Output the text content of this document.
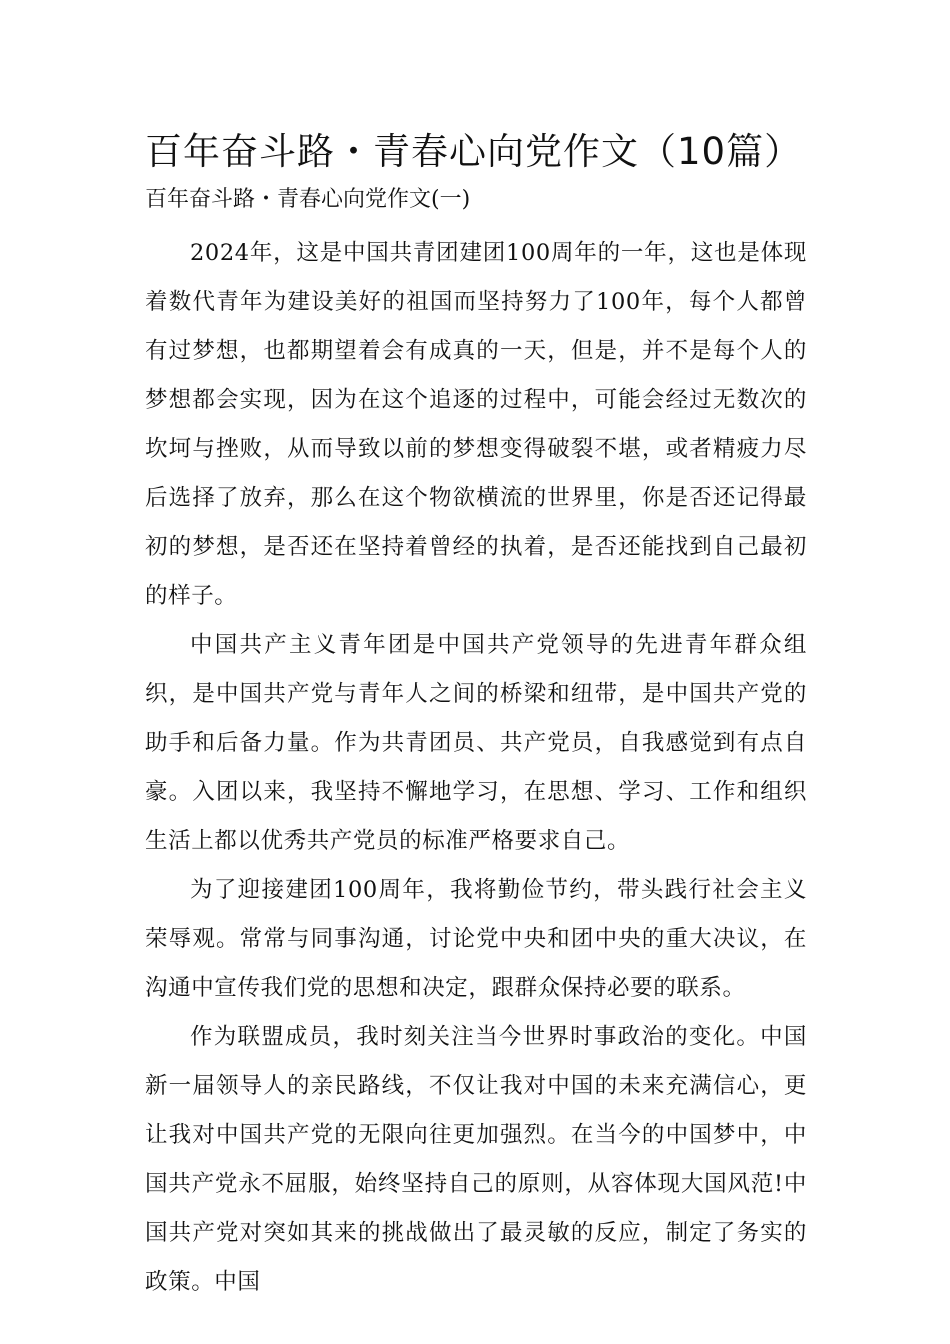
百年奋斗路・青春心向党作文（10篇）
百年奋斗路・青春心向党作文(一)

2024年，这是中国共青团建团100周年的一年，这也是体现着数代青年为建设美好的祖国而坚持努力了100年，每个人都曾有过梦想，也都期望着会有成真的一天，但是，并不是每个人的梦想都会实现，因为在这个追逐的过程中，可能会经过无数次的坎坷与挫败，从而导致以前的梦想变得破裂不堪，或者精疲力尽后选择了放弃，那么在这个物欲横流的世界里，你是否还记得最初的梦想，是否还在坚持着曾经的执着，是否还能找到自己最初的样子。

中国共产主义青年团是中国共产党领导的先进青年群众组织，是中国共产党与青年人之间的桥梁和纽带，是中国共产党的助手和后备力量。作为共青团员、共产党员，自我感觉到有点自豪。入团以来，我坚持不懈地学习，在思想、学习、工作和组织生活上都以优秀共产党员的标准严格要求自己。

为了迎接建团100周年，我将勤俭节约，带头践行社会主义荣辱观。常常与同事沟通，讨论党中央和团中央的重大决议，在沟通中宣传我们党的思想和决定，跟群众保持必要的联系。

作为联盟成员，我时刻关注当今世界时事政治的变化。中国新一届领导人的亲民路线，不仅让我对中国的未来充满信心，更让我对中国共产党的无限向往更加强烈。在当今的中国梦中，中国共产党永不屈服，始终坚持自己的原则，从容体现大国风范!中国共产党对突如其来的挑战做出了最灵敏的反应，制定了务实的政策。中国
